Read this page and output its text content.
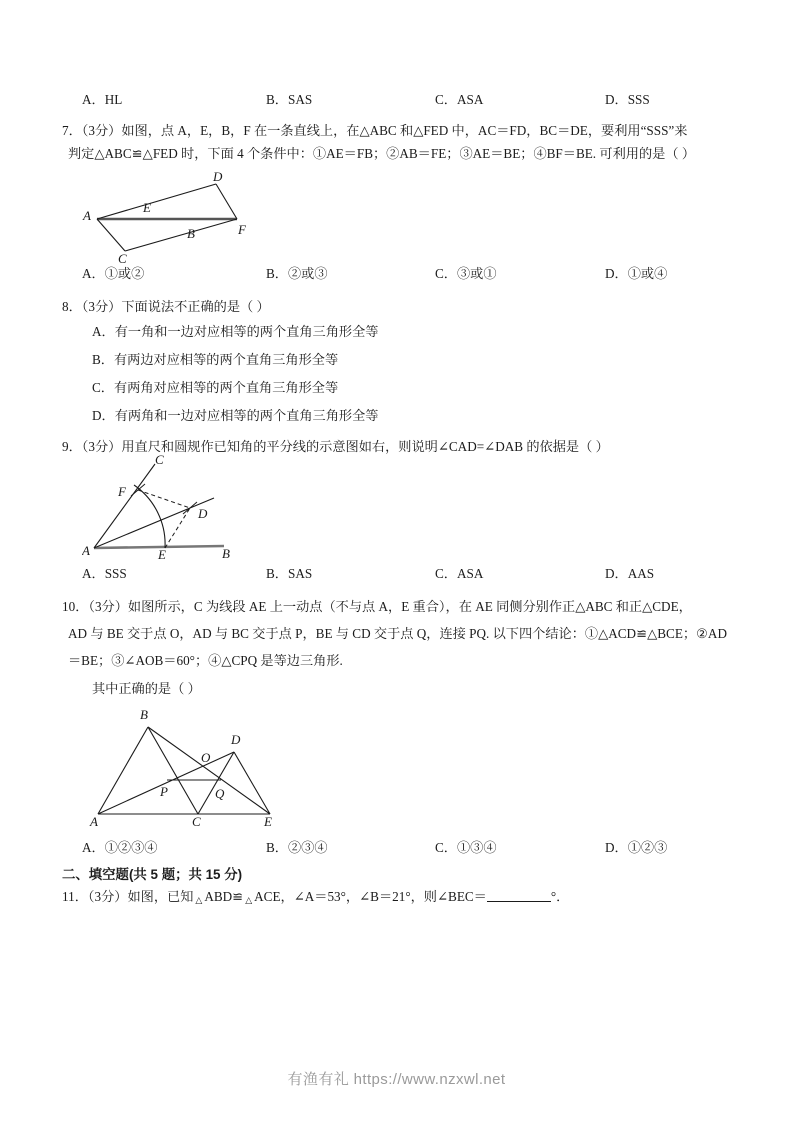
A．HL	B．SAS	C．ASA	D．SSS
7．（3分）如图，点 A，E，B，F 在一条直线上，在△ABC 和△FED 中，AC＝FD，BC＝DE，要利用“SSS”来
判定△ABC≌△FED 时，下面 4 个条件中：①AE＝FB；②AB＝FE；③AE＝BE；④BF＝BE. 可利用的是（ ）
A
B
C
D
E
F
A．①或②	B．②或③	C．③或①	D．①或④
8．（3分）下面说法不正确的是（ ）
A．有一角和一边对应相等的两个直角三角形全等
B．有两边对应相等的两个直角三角形全等
C．有两角对应相等的两个直角三角形全等
D．有两角和一边对应相等的两个直角三角形全等
9．（3分）用直尺和圆规作已知角的平分线的示意图如右，则说明∠CAD=∠DAB 的依据是（ ）
A	B
C
D
E
F
A．SSS	B．SAS	C．ASA	D．AAS
10．（3分）如图所示，C 为线段 AE 上一动点（不与点 A，E 重合），在 AE 同侧分别作正△ABC 和正△CDE，
AD 与 BE 交于点 O，AD 与 BC 交于点 P，BE 与 CD 交于点 Q，连接 PQ. 以下四个结论：①△ACD≌△BCE；②AD
＝BE；③∠AOB＝60°；④△CPQ 是等边三角形.
其中正确的是（ ）
B
D
O
P	Q
A	C	E
A．①②③④	B．②③④	C．①③④	D．①②③
二、填空题(共 5 题；共 15 分)
11．（3分）如图，已知 △ ABD≌ △ ACE，∠A＝53°，∠B＝21°，则∠BEC＝	°．
有渔有礼 https://www.nzxwl.net
